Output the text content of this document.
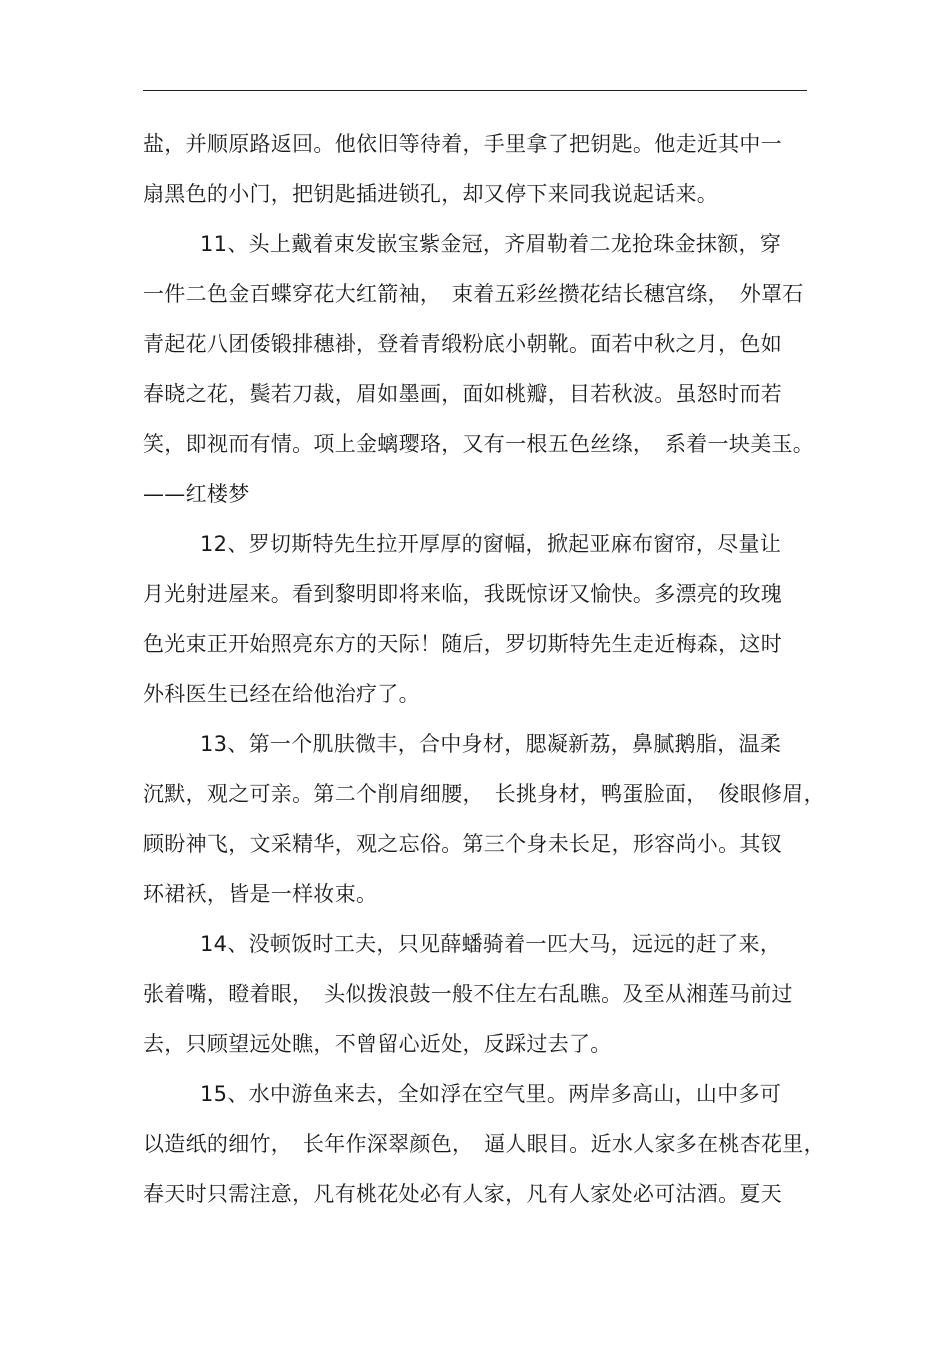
盐，并顺原路返回。他依旧等待着，手里拿了把钥匙。他走近其中一
扇黑色的小门，把钥匙插进锁孔，却又停下来同我说起话来。
11、头上戴着束发嵌宝紫金冠，齐眉勒着二龙抢珠金抹额，穿
一件二色金百蝶穿花大红箭袖，　束着五彩丝攒花结长穗宫绦，　外罩石
青起花八团倭锻排穗褂，登着青缎粉底小朝靴。面若中秋之月，色如
春晓之花，鬓若刀裁，眉如墨画，面如桃瓣，目若秋波。虽怒时而若
笑，即视而有情。项上金螭璎珞，又有一根五色丝绦，　系着一块美玉。
——红楼梦
12、罗切斯特先生拉开厚厚的窗幅，掀起亚麻布窗帘，尽量让
月光射进屋来。看到黎明即将来临，我既惊讶又愉快。多漂亮的玫瑰
色光束正开始照亮东方的天际！随后，罗切斯特先生走近梅森，这时
外科医生已经在给他治疗了。
13、第一个肌肤微丰，合中身材，腮凝新荔，鼻腻鹅脂，温柔
沉默，观之可亲。第二个削肩细腰，　长挑身材，鸭蛋脸面，　俊眼修眉，
顾盼神飞，文采精华，观之忘俗。第三个身未长足，形容尚小。其钗
环裙袄，皆是一样妆束。
14、没顿饭时工夫，只见薛蟠骑着一匹大马，远远的赶了来，
张着嘴，瞪着眼，　头似拨浪鼓一般不住左右乱瞧。及至从湘莲马前过
去，只顾望远处瞧，不曾留心近处，反踩过去了。
15、水中游鱼来去，全如浮在空气里。两岸多高山，山中多可
以造纸的细竹，　长年作深翠颜色，　逼人眼目。近水人家多在桃杏花里，
春天时只需注意，凡有桃花处必有人家，凡有人家处必可沽酒。夏天
